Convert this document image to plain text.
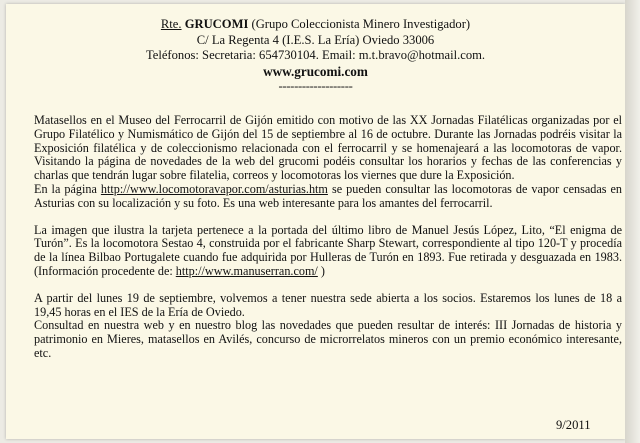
Rte. GRUCOMI (Grupo Coleccionista Minero Investigador)
C/ La Regenta 4 (I.E.S. La Ería) Oviedo 33006
Teléfonos: Secretaria: 654730104. Email: m.t.bravo@hotmail.com.
www.grucomi.com
-------------------

Matasellos en el Museo del Ferrocarril de Gijón emitido con motivo de las XX Jornadas Filatélicas organizadas por el Grupo Filatélico y Numismático de Gijón del 15 de septiembre al 16 de octubre. Durante las Jornadas podréis visitar la Exposición filatélica y de coleccionismo relacionada con el ferrocarril y se homenajeará a las locomotoras de vapor. Visitando la página de novedades de la web del grucomi podéis consultar los horarios y fechas de las conferencias y charlas que tendrán lugar sobre filatelia, correos y locomotoras los viernes que dure la Exposición.

En la página http://www.locomotoravapor.com/asturias.htm se pueden consultar las locomotoras de vapor censadas en Asturias con su localización y su foto. Es una web interesante para los amantes del ferrocarril.

La imagen que ilustra la tarjeta pertenece a la portada del último libro de Manuel Jesús López, Lito, “El enigma de Turón”. Es la locomotora Sestao 4, construida por el fabricante Sharp Stewart, correspondiente al tipo 120-T y procedía de la línea Bilbao Portugalete cuando fue adquirida por Hulleras de Turón en 1893. Fue retirada y desguazada en 1983. (Información procedente de: http://www.manuserran.com/ )

A partir del lunes 19 de septiembre, volvemos a tener nuestra sede abierta a los socios. Estaremos los lunes de 18 a 19,45 horas en el IES de la Ería de Oviedo.

Consultad en nuestra web y en nuestro blog las novedades que pueden resultar de interés: III Jornadas de historia y patrimonio en Mieres, matasellos en Avilés, concurso de microrrelatos mineros con un premio económico interesante, etc.

9/2011
